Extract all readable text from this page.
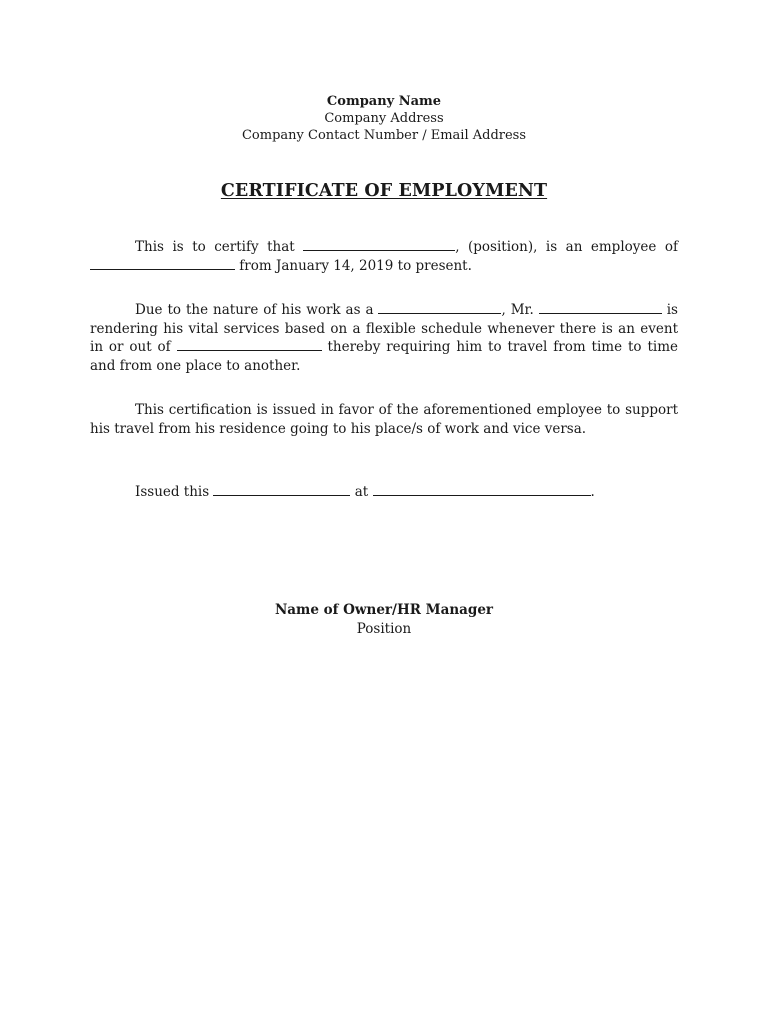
Company Name
Company Address
Company Contact Number / Email Address
CERTIFICATE OF EMPLOYMENT
This is to certify that	, (position), is an employee of  from January 14, 2019 to present.
Due to the nature of his work as a	, Mr.	is rendering his vital services based on a flexible schedule whenever there is an event in or out of	thereby requiring him to travel from time to time and from one place to another.
This certification is issued in favor of the aforementioned employee to support his travel from his residence going to his place/s of work and vice versa.
Issued this	at	.
Name of Owner/HR Manager
Position
